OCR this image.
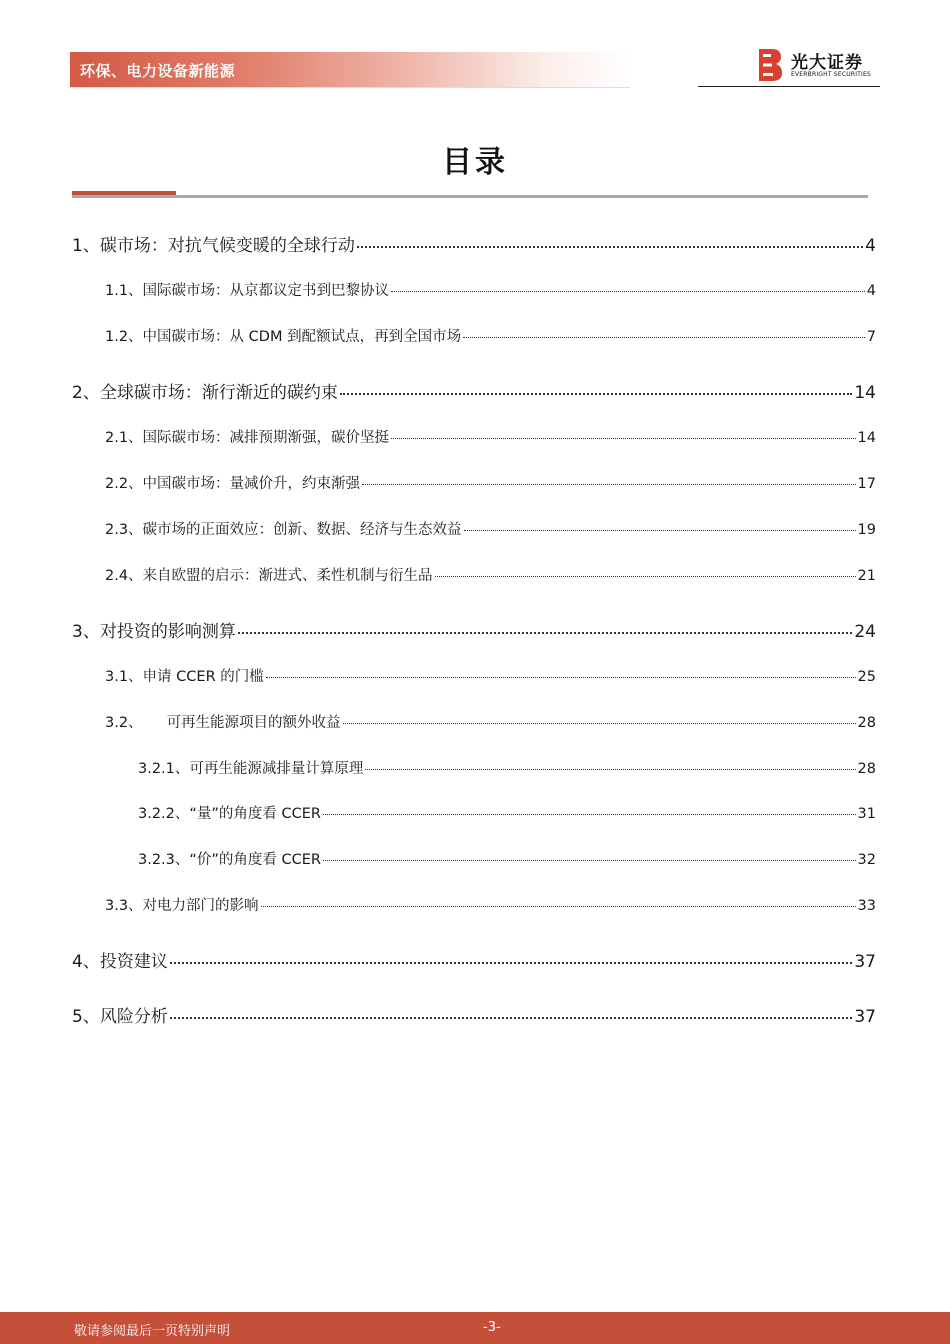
环保、电力设备新能源	光大证券
EVERBRIGHT SECURITIES
目录
1、碳市场：对抗气候变暖的全球行动	4
1.1、国际碳市场：从京都议定书到巴黎协议	4
1.2、中国碳市场：从 CDM 到配额试点，再到全国市场	7
2、全球碳市场：渐行渐近的碳约束	14
2.1、国际碳市场：减排预期渐强，碳价坚挺	14
2.2、中国碳市场：量减价升，约束渐强	17
2.3、碳市场的正面效应：创新、数据、经济与生态效益	19
2.4、来自欧盟的启示：渐进式、柔性机制与衍生品	21
3、对投资的影响测算	24
3.1、申请 CCER 的门槛	25
3.2、 可再生能源项目的额外收益	28
3.2.1、可再生能源减排量计算原理	28
3.2.2、“量”的角度看 CCER	31
3.2.3、“价”的角度看 CCER	32
3.3、对电力部门的影响	33
4、投资建议	37
5、风险分析	37
敬请参阅最后一页特别声明	-3-
